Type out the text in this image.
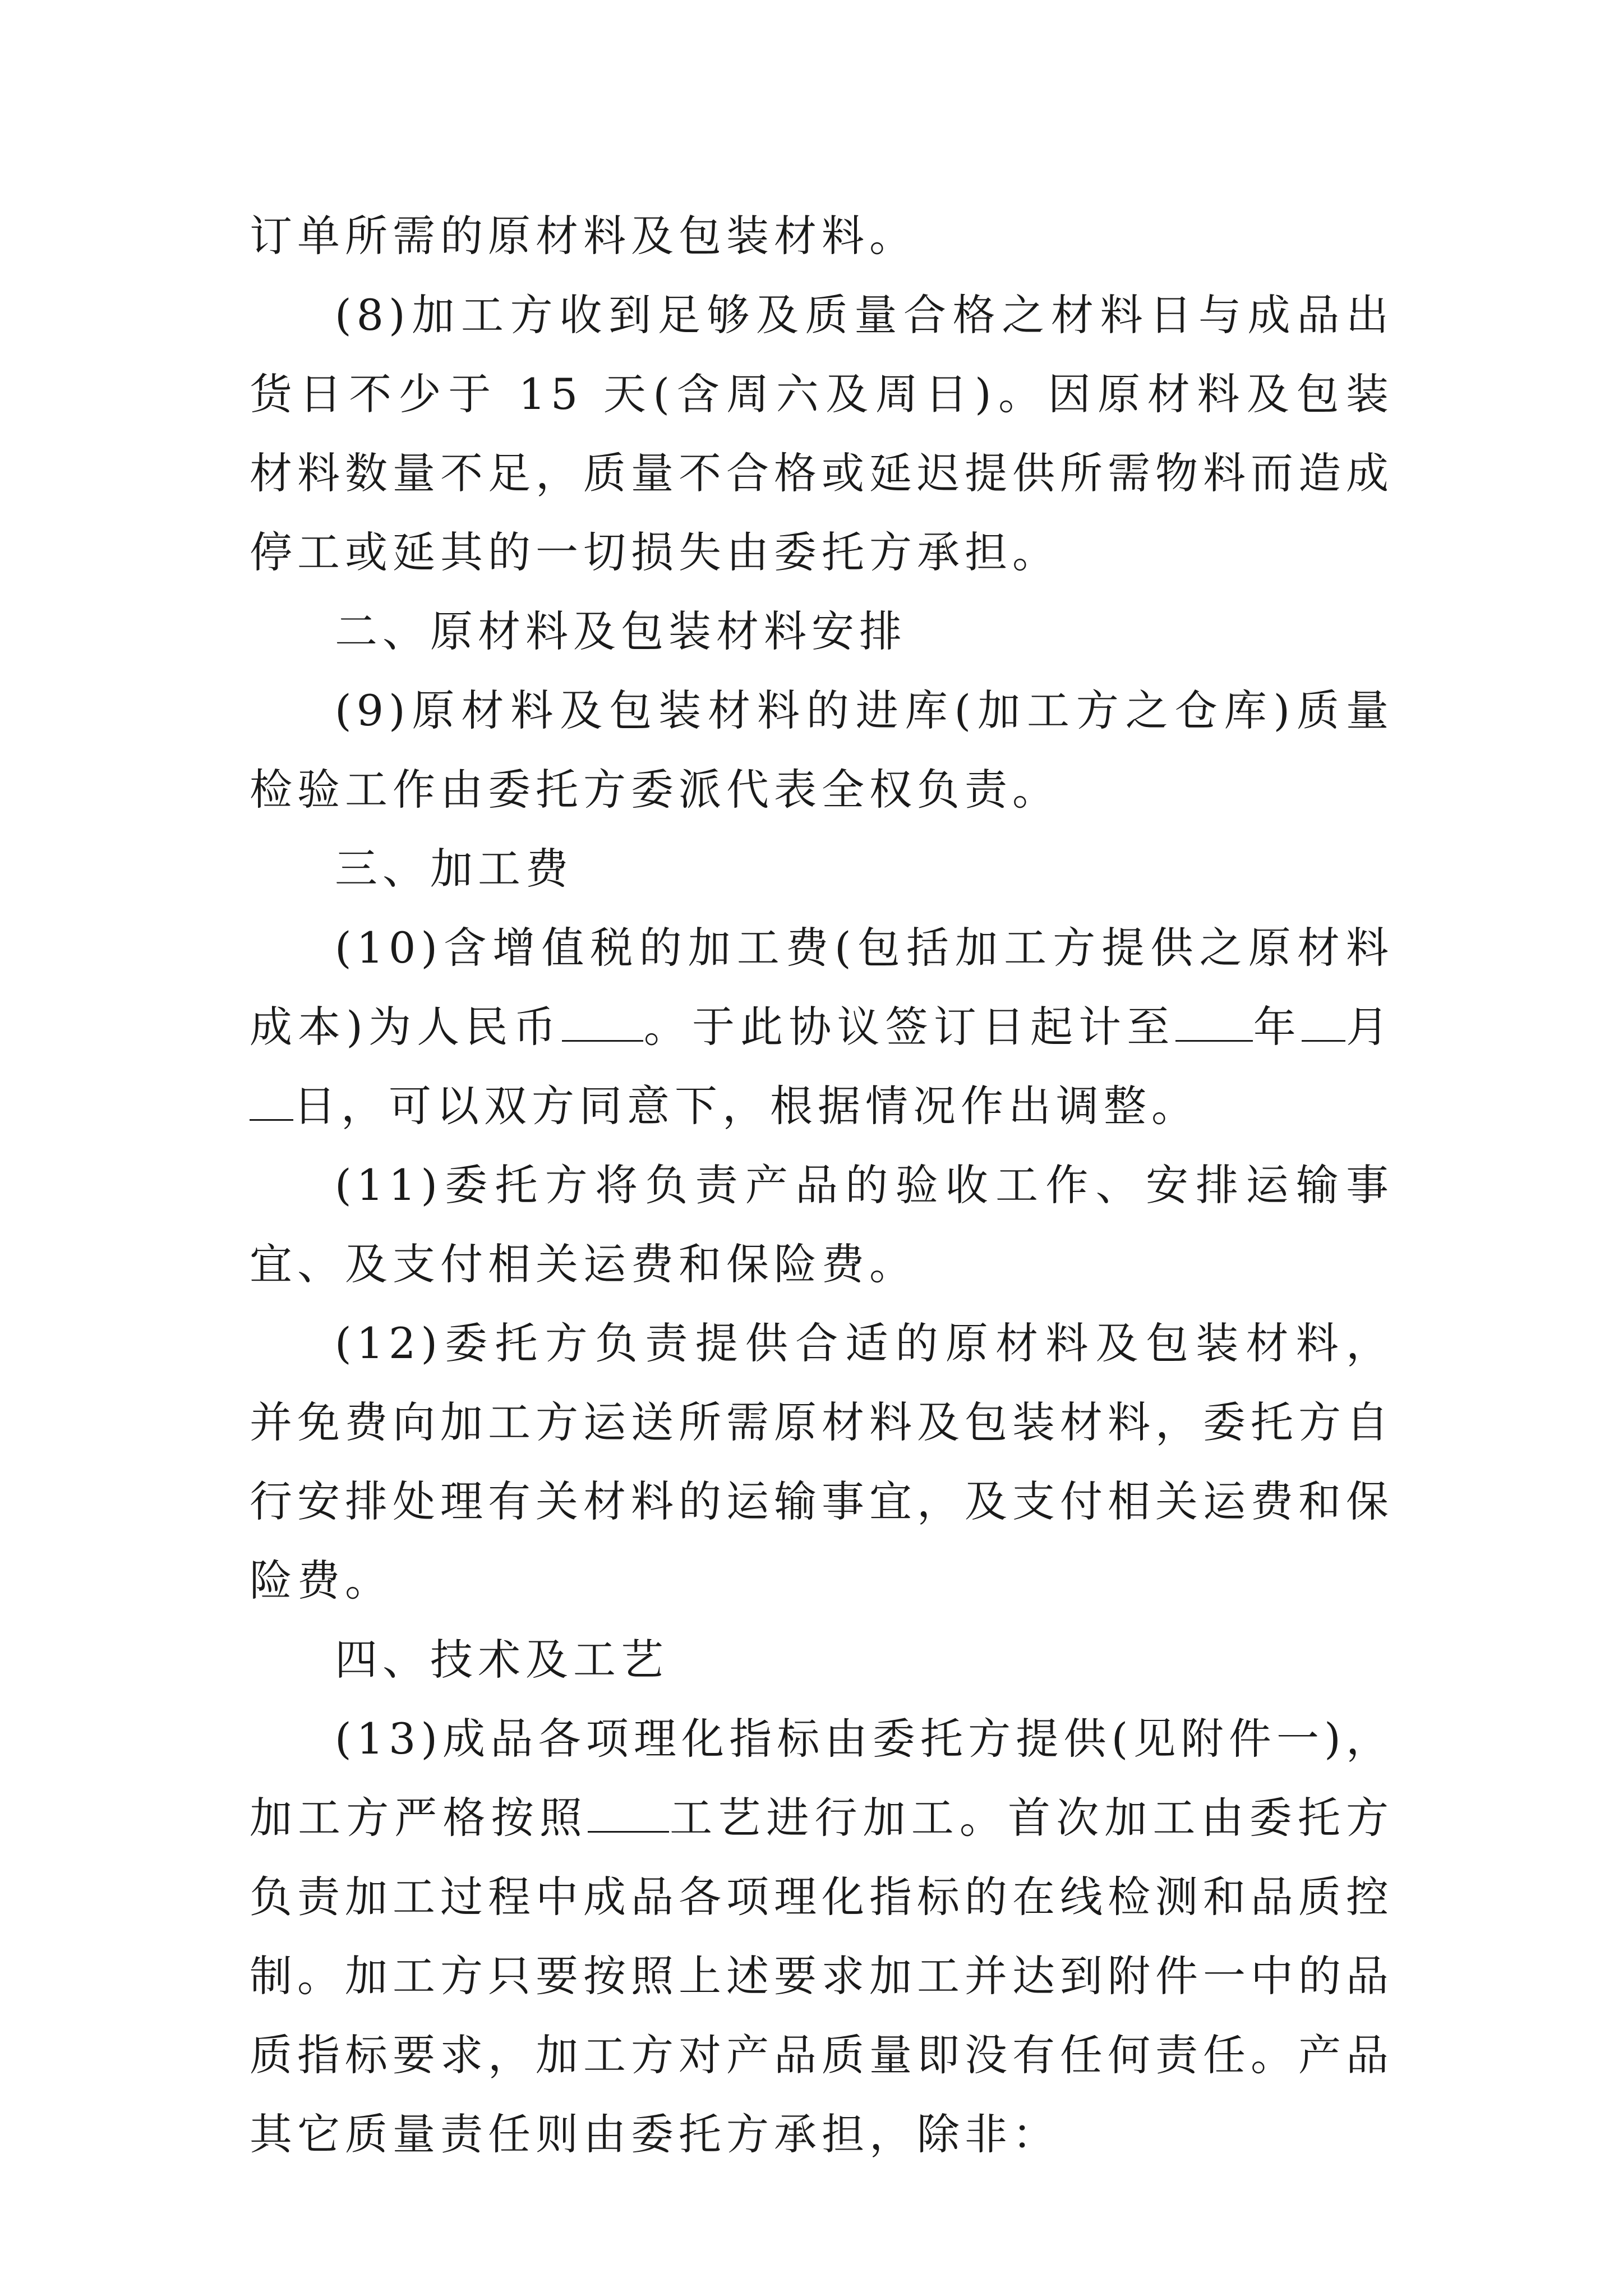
订单所需的原材料及包装材料。

(8)加工方收到足够及质量合格之材料日与成品出货日不少于 15 天(含周六及周日)。因原材料及包装材料数量不足，质量不合格或延迟提供所需物料而造成停工或延其的一切损失由委托方承担。

二、原材料及包装材料安排

(9)原材料及包装材料的进库(加工方之仓库)质量检验工作由委托方委派代表全权负责。

三、加工费

(10)含增值税的加工费(包括加工方提供之原材料成本)为人民币 。于此协议签订日起计至 年 月日，可以双方同意下，根据情况作出调整。

(11)委托方将负责产品的验收工作、安排运输事宜、及支付相关运费和保险费。

(12)委托方负责提供合适的原材料及包装材料，并免费向加工方运送所需原材料及包装材料，委托方自行安排处理有关材料的运输事宜，及支付相关运费和保险费。

四、技术及工艺

(13)成品各项理化指标由委托方提供(见附件一)，加工方严格按照 工艺进行加工。首次加工由委托方负责加工过程中成品各项理化指标的在线检测和品质控制。加工方只要按照上述要求加工并达到附件一中的品质指标要求，加工方对产品质量即没有任何责任。产品其它质量责任则由委托方承担，除非：
